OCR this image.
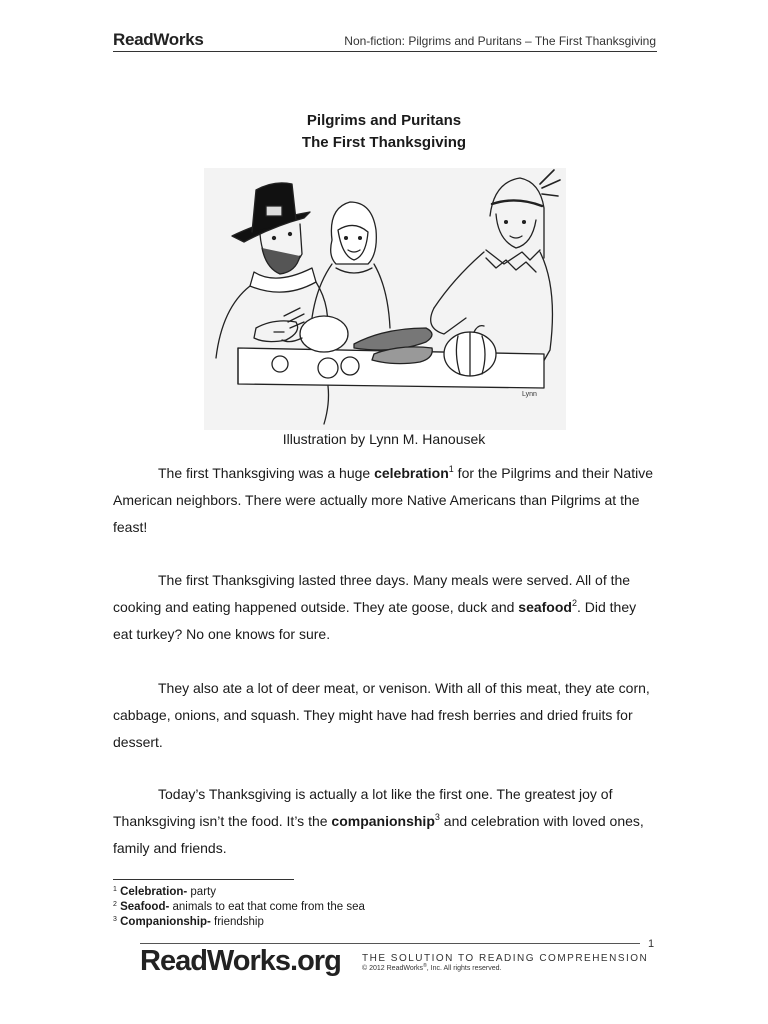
ReadWorks	Non-fiction: Pilgrims and Puritans – The First Thanksgiving
Pilgrims and Puritans
The First Thanksgiving
Lynn
Illustration by Lynn M. Hanousek

The first Thanksgiving was a huge celebration$^1$ for the Pilgrims and their Native American neighbors. There were actually more Native Americans than Pilgrims at the feast!

The first Thanksgiving lasted three days. Many meals were served. All of the cooking and eating happened outside. They ate goose, duck and seafood$^2$. Did they eat turkey? No one knows for sure.

They also ate a lot of deer meat, or venison. With all of this meat, they ate corn, cabbage, onions, and squash. They might have had fresh berries and dried fruits for dessert.

Today’s Thanksgiving is actually a lot like the first one. The greatest joy of Thanksgiving isn’t the food. It’s the companionship$^3$ and celebration with loved ones, family and friends.

$^1$ Celebration- party
$^2$ Seafood- animals to eat that come from the sea
$^3$ Companionship- friendship
1
ReadWorks.org THE SOLUTION TO READING COMPREHENSION
© 2012 ReadWorks®, Inc. All rights reserved.
